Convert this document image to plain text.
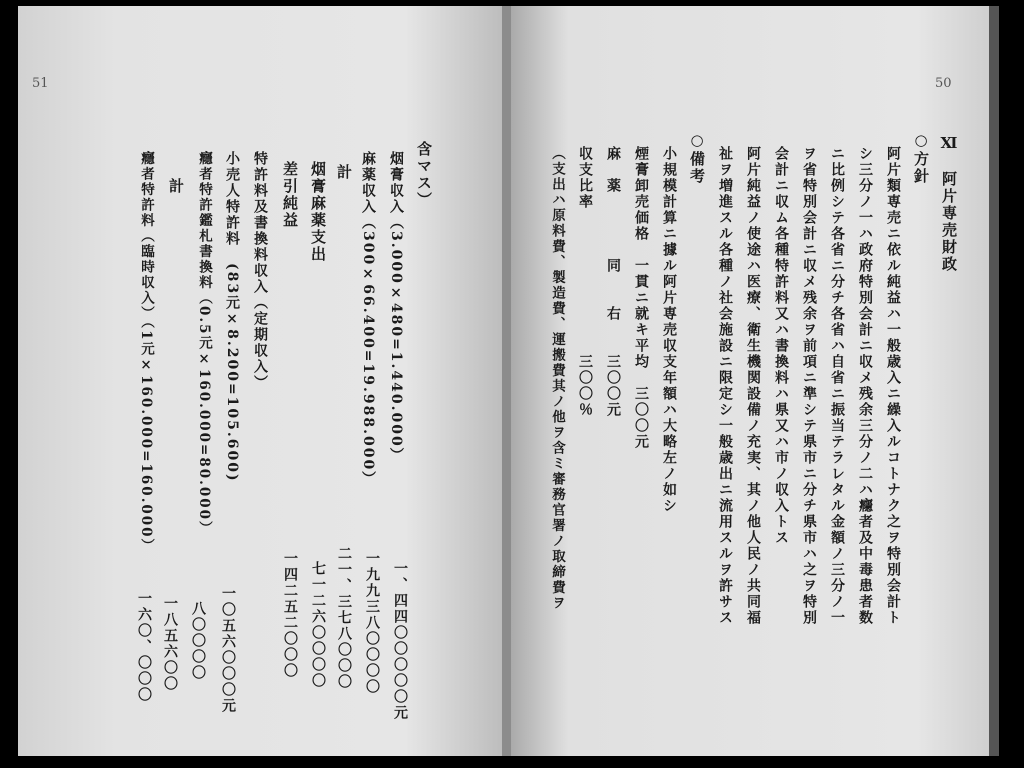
51
含マス）
烟膏収入（3.000×480=1.440.000）
麻薬収入（300×66.400=19.988.000）
計
烟膏麻薬支出
差引純益
特許料及書換料収入（定期収入）
小売人特許料　(83元×8.200=105.600)
癮者特許鑑札書換料（0.5元×160.000=80.000）
計
癮者特許料（臨時収入）（1元×160.000=160.000）
一、四四〇〇〇〇〇元
一九九三八〇〇〇〇
二一、三七八〇〇〇
七一二六〇〇〇〇
一四二五二〇〇〇
一〇五六〇〇〇元
八〇〇〇〇
一八五六〇〇
一六〇、〇〇〇
50
Ⅺ　阿片専売財政
○方針
阿片類専売ニ依ル純益ハ一般歳入ニ繰入ルコトナク之ヲ特別会計ト
シ三分ノ一ハ政府特別会計ニ収メ残余三分ノ二ハ癮者及中毒患者数
ニ比例シテ各省ニ分チ各省ハ自省ニ振当テラレタル金額ノ三分ノ一
ヲ省特別会計ニ収メ残余ヲ前項ニ準シテ県市ニ分チ県市ハ之ヲ特別
会計ニ収ム各種特許料又ハ書換料ハ県又ハ市ノ収入トス
阿片純益ノ使途ハ医療、衛生機関設備ノ充実、其ノ他人民ノ共同福
祉ヲ増進スル各種ノ社会施設ニ限定シ一般歳出ニ流用スルヲ許サス
○備考
小規模計算ニ據ル阿片専売収支年額ハ大略左ノ如シ
煙膏卸売価格　一貫ニ就キ平均　三〇〇元
麻　薬　　　　同　　右　　三〇〇元
収支比率　　　　　　　　　三〇〇％
（支出ハ原料費、製造費、運搬費其ノ他ヲ含ミ審務官署ノ取締費ヲ
